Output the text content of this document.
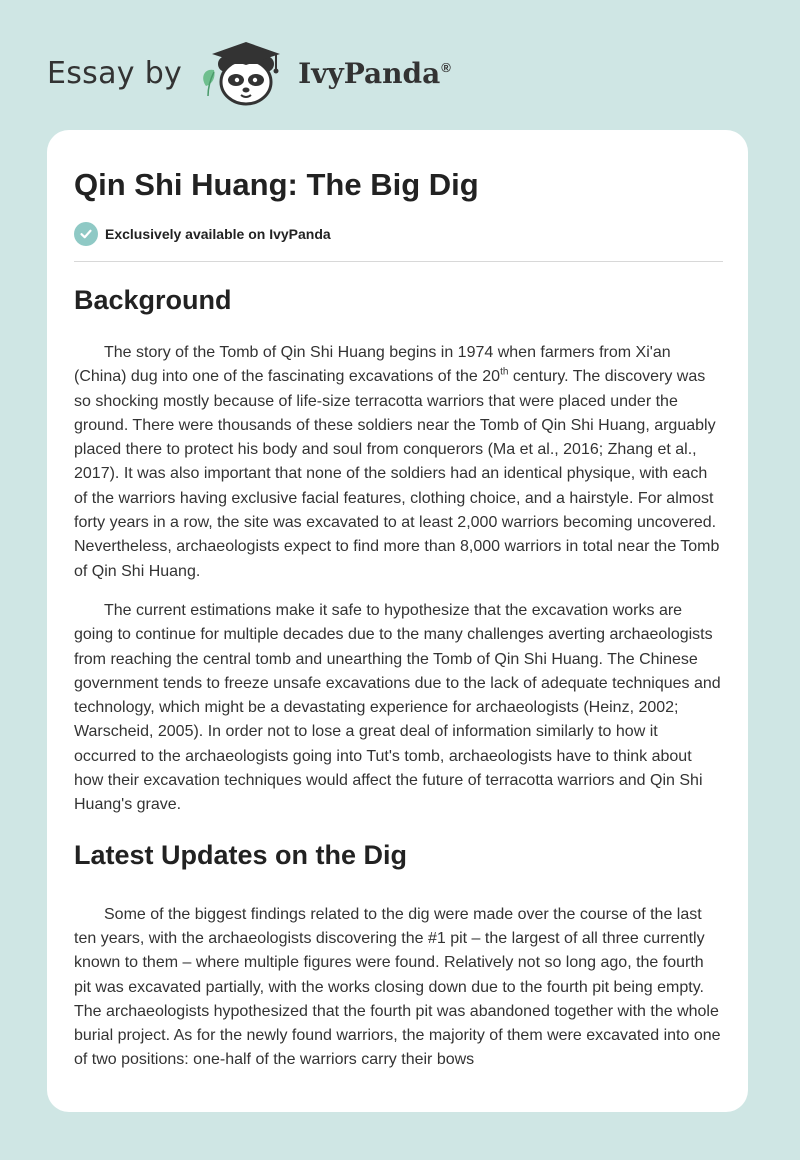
Essay by	IvyPanda®
Qin Shi Huang: The Big Dig
Exclusively available on IvyPanda
Background

The story of the Tomb of Qin Shi Huang begins in 1974 when farmers from Xi'an (China) dug into one of the fascinating excavations of the 20th century. The discovery was so shocking mostly because of life-size terracotta warriors that were placed under the ground. There were thousands of these soldiers near the Tomb of Qin Shi Huang, arguably placed there to protect his body and soul from conquerors (Ma et al., 2016; Zhang et al., 2017). It was also important that none of the soldiers had an identical physique, with each of the warriors having exclusive facial features, clothing choice, and a hairstyle. For almost forty years in a row, the site was excavated to at least 2,000 warriors becoming uncovered. Nevertheless, archaeologists expect to find more than 8,000 warriors in total near the Tomb of Qin Shi Huang.

The current estimations make it safe to hypothesize that the excavation works are going to continue for multiple decades due to the many challenges averting archaeologists from reaching the central tomb and unearthing the Tomb of Qin Shi Huang. The Chinese government tends to freeze unsafe excavations due to the lack of adequate techniques and technology, which might be a devastating experience for archaeologists (Heinz, 2002; Warscheid, 2005). In order not to lose a great deal of information similarly to how it occurred to the archaeologists going into Tut's tomb, archaeologists have to think about how their excavation techniques would affect the future of terracotta warriors and Qin Shi Huang's grave.

Latest Updates on the Dig

Some of the biggest findings related to the dig were made over the course of the last ten years, with the archaeologists discovering the #1 pit – the largest of all three currently known to them – where multiple figures were found. Relatively not so long ago, the fourth pit was excavated partially, with the works closing down due to the fourth pit being empty. The archaeologists hypothesized that the fourth pit was abandoned together with the whole burial project. As for the newly found warriors, the majority of them were excavated into one of two positions: one-half of the warriors carry their bows
